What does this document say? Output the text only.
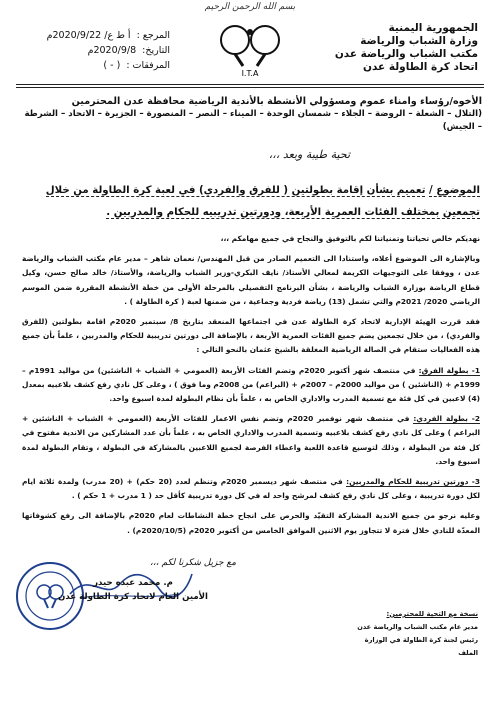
بسم الله الرحمن الرحيم
الجمهورية اليمنية
وزارة الشباب والرياضة
مكتب الشباب والرياضة عدن
اتحاد كرة الطاولة عدن
I.T.A
المرجع :
أ ط ع/ 2020/9/22م
التاريخ:
2020/9/8م
المرفقات :
( - )
الأخوه/رؤساء وامناء عموم ومسؤولي الأنشطة بالأندية الرياضية محافظة عدن المحترمين
(التلال – الشعلة – الروضة – الجلاء – شمسان الوحدة – الميناء – النصر – المنصورة – الجزيرة – الاتحاد – الشرطة – الجيش)
تحية طيبة وبعد ،،،
الموضوع / تعميم بشأن إقامة بطولتين ( للفرق والفردي) في لعبة كرة الطاولة من خلال تجمعين بمختلف الفئات العمرية الأربعة، ودورتين تدريبيه للحكام والمدربين .

نهديكم خالص تحياتنا وتمنياتنا لكم بالتوفيق والنجاح في جميع مهامكم ،،،

وبالإشارة الى الموضوع أعلاه، واستنادا الى التعميم الصادر من قبل المهندس/ نعمان شاهر – مدير عام مكتب الشباب والرياضة عدن ، ووفقا على التوجيهات الكريمة لمعالي الأستاذ/ نايف البكري-وزير الشباب والرياضة، والأستاذ/ خالد صالح حسن، وكيل قطاع الرياضة بوزارة الشباب والرياضة ، بشأن البرنامج التفصيلي بالمرحلة الأولى من خطة الأنشطة المقررة ضمن الموسم الرياضي 2020/ 2021م والتي تشمل (13) رياضة فردية وجماعية ، من ضمنها لعبة ( كرة الطاولة ) .

فقد قررت الهيئة الإدارية لاتحاد كرة الطاولة عدن في اجتماعها المنعقد بتاريخ 8/ سبتمبر 2020م اقامة بطولتين (للفرق والفردي) ، من خلال تجمعين يضم جميع الفئات العمرية الأربعة ، بالإضافة الى دورتين تدريبية للحكام والمدربين ، علماً بأن جميع هذه الفعاليات ستقام في الصالة الرياضية المغلقة بالشيخ عثمان بالنحو التالي :

1- بطولة الفرق: في منتصف شهر أكتوبر 2020م وتضم الفئات الأربعة (العمومي + الشباب + الناشئين) من مواليد 1991م – 1999م + (الناشئين ) من مواليد 2000م – 2007م + (البراعم) من 2008م وما فوق ) ، وعلى كل نادي رفع كشف بلاعبيه بمعدل (4) لاعبين في كل فئة مع تسمية المدرب والاداري الخاص به ، علماً بأن نظام البطولة لمدة اسبوع واحد.

2- بطولة الفردي: في منتصف شهر نوفمبر 2020م وتضم نفس الاعمار للفئات الأربعة (العمومي + الشباب + الناشئين + البراعم ) وعلى كل نادي رفع كشف بلاعبيه وتسمية المدرب والاداري الخاص به ، علماً بأن عدد المشاركين من الاندية مفتوح في كل فئة من البطولة ، وذلك لتوسيع قاعدة اللعبة واعطاء الفرصة لجميع اللاعبين بالمشاركة في البطولة ، وتقام البطولة لمدة اسبوع واحد.

3- دورتين تدريبية للحكام والمدربين: في منتصف شهر ديسمبر 2020م وتنظم لعدد (20 حكم) + (20 مدرب) ولمدة ثلاثة ايام لكل دورة تدريبية ، وعلى كل نادي رفع كشف لمرشح واحد له في كل دورة تدريبية كأقل حد ( 1 مدرب + 1 حكم ) .

وعليه نرجو من جميع الاندية المشاركة التقيّد والحرص على انجاح خطة النشاطات لعام 2020م بالإضافة الى رفع كشوفاتها المعدّة للنادي خلال فترة لا تتجاوز يوم الاثنين الموافق الخامس من أكتوبر 2020م (2020/10/5م) .

مع جزيل شكرنا لكم ،،،
م. محمد عبده حيدر
الأمين العام لاتحاد كرة الطاولة عدن
نسخة مع التحية للمحترمين:
مدير عام مكتب الشباب والرياضة عدن
رئيس لجنة كرة الطاولة في الوزارة
الملف
